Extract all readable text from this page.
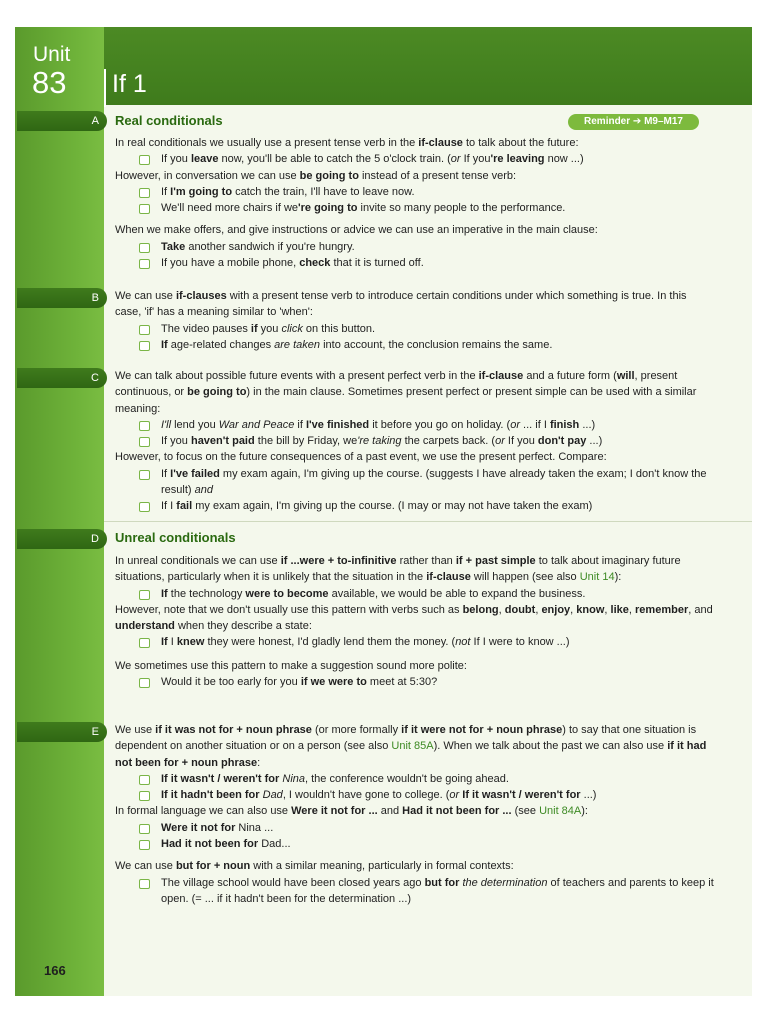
Unit
83 If 1
A
B
C
D
E
Real conditionals	Reminder ➔ M9–M17

In real conditionals we usually use a present tense verb in the if-clause to talk about the future:

If you leave now, you'll be able to catch the 5 o'clock train. (or If you're leaving now ...)

However, in conversation we can use be going to instead of a present tense verb:

If I'm going to catch the train, I'll have to leave now.

We'll need more chairs if we're going to invite so many people to the performance.

When we make offers, and give instructions or advice we can use an imperative in the main clause:

Take another sandwich if you're hungry.

If you have a mobile phone, check that it is turned off.

We can use if-clauses with a present tense verb to introduce certain conditions under which something is true. In this case, 'if' has a meaning similar to 'when':

The video pauses if you click on this button.

If age-related changes are taken into account, the conclusion remains the same.

We can talk about possible future events with a present perfect verb in the if-clause and a future form (will, present continuous, or be going to) in the main clause. Sometimes present perfect or present simple can be used with a similar meaning:

I'll lend you War and Peace if I've finished it before you go on holiday. (or ... if I finish ...)

If you haven't paid the bill by Friday, we're taking the carpets back. (or If you don't pay ...)

However, to focus on the future consequences of a past event, we use the present perfect. Compare:

If I've failed my exam again, I'm giving up the course. (suggests I have already taken the exam; I don't know the result) and

If I fail my exam again, I'm giving up the course. (I may or may not have taken the exam)

Unreal conditionals

In unreal conditionals we can use if ...were + to-infinitive rather than if + past simple to talk about imaginary future situations, particularly when it is unlikely that the situation in the if-clause will happen (see also Unit 14):

If the technology were to become available, we would be able to expand the business.

However, note that we don't usually use this pattern with verbs such as belong, doubt, enjoy, know, like, remember, and understand when they describe a state:

If I knew they were honest, I'd gladly lend them the money. (not If I were to know ...)

We sometimes use this pattern to make a suggestion sound more polite:

Would it be too early for you if we were to meet at 5:30?

We use if it was not for + noun phrase (or more formally if it were not for + noun phrase) to say that one situation is dependent on another situation or on a person (see also Unit 85A). When we talk about the past we can also use if it had not been for + noun phrase:

If it wasn't / weren't for Nina, the conference wouldn't be going ahead.

If it hadn't been for Dad, I wouldn't have gone to college. (or If it wasn't / weren't for ...)

In formal language we can also use Were it not for ... and Had it not been for ... (see Unit 84A):

Were it not for Nina ...

Had it not been for Dad...

We can use but for + noun with a similar meaning, particularly in formal contexts:

The village school would have been closed years ago but for the determination of teachers and parents to keep it open. (= ... if it hadn't been for the determination ...)

166
